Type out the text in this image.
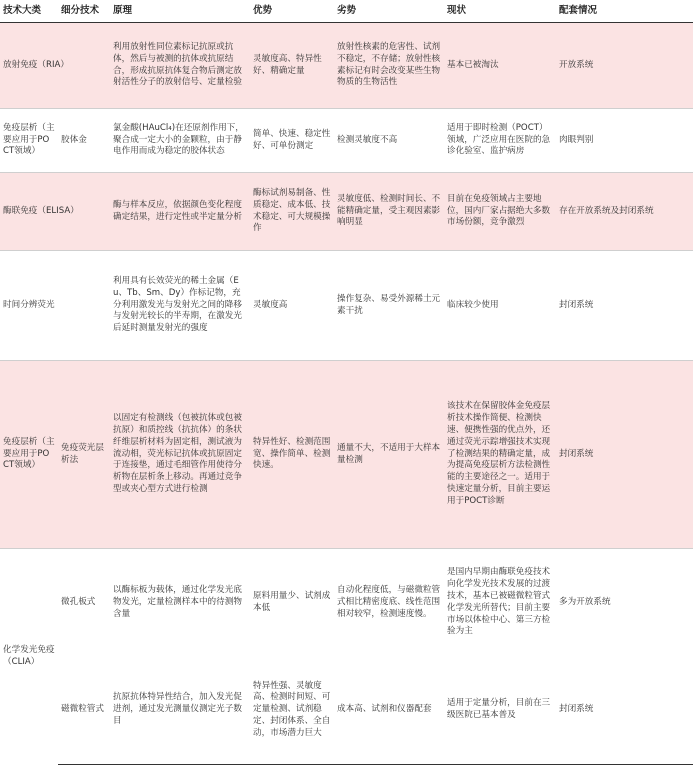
技术大类	细分技术	原理	优势	劣势	现状	配套情况
放射免疫（RIA）		利用放射性同位素标记抗原或抗体，然后与被测的抗体或抗原结合，形成抗原抗体复合物后测定放射活性分子的放射信号、定量检验	灵敏度高、特异性好、精确定量	放射性核素的危害性、试剂不稳定，不存储；放射性核素标记有时会改变某些生物物质的生物活性	基本已被淘汰	开放系统
免疫层析（主要应用于POCT领域）	胶体金	氯金酸(HAuCl₄)在还原剂作用下，聚合成一定大小的金颗粒，由于静电作用而成为稳定的胶体状态	简单、快速、稳定性好、可单份测定	检测灵敏度不高	适用于即时检测（POCT）领域，广泛应用在医院的急诊化验室、监护病房	肉眼判别
酶联免疫（ELISA）		酶与样本反应，依据颜色变化程度确定结果，进行定性或半定量分析	酶标试剂易制备、性质稳定、成本低、技术稳定、可大规模操作	灵敏度低、检测时间长、不能精确定量，受主观因素影响明显	目前在免疫领域占主要地位，国内厂家占据绝大多数市场份额，竞争激烈	存在开放系统及封闭系统
时间分辨荧光		利用具有长效荧光的稀土金属（Eu、Tb、Sm、Dy）作标记物，充分利用激发光与发射光之间的降移与发射光较长的半寿期，在激发光后延时测量发射光的强度	灵敏度高	操作复杂、易受外源稀土元素干扰	临床较少使用	封闭系统
免疫层析（主要应用于POCT领域）	免疫荧光层析法	以固定有检测线（包被抗体或包被抗原）和质控线（抗抗体）的条状纤维层析材料为固定相，测试液为流动相，荧光标记抗体或抗原固定于连接垫，通过毛细管作用使待分析物在层析条上移动。再通过竞争型或夹心型方式进行检测	特异性好、检测范围宽、操作简单、检测快速。	通量不大，不适用于大样本量检测	该技术在保留胶体金免疫层析技术操作简便、检测快速、便携性强的优点外，还通过荧光示踪增强技术实现了检测结果的精确定量，成为提高免疫层析方法检测性能的主要途径之一。适用于快速定量分析，目前主要运用于POCT诊断	封闭系统
化学发光免疫（CLIA）	微孔板式	以酶标板为载体，通过化学发光底物发光，定量检测样本中的待测物含量	原料用量少、试剂成本低	自动化程度低，与磁微粒管式相比精密度底、线性范围相对较窄，检测速度慢。	是国内早期由酶联免疫技术向化学发光技术发展的过渡技术，基本已被磁微粒管式化学发光所替代；目前主要市场以体检中心、第三方检验为主	多为开放系统
	磁微粒管式	抗原抗体特异性结合，加入发光促进剂，通过发光测量仪测定光子数目	特异性强、灵敏度高、检测时间短、可定量检测、试剂稳定、封闭体系、全自动，市场潜力巨大	成本高、试剂和仪器配套	适用于定量分析，目前在三级医院已基本普及	封闭系统
